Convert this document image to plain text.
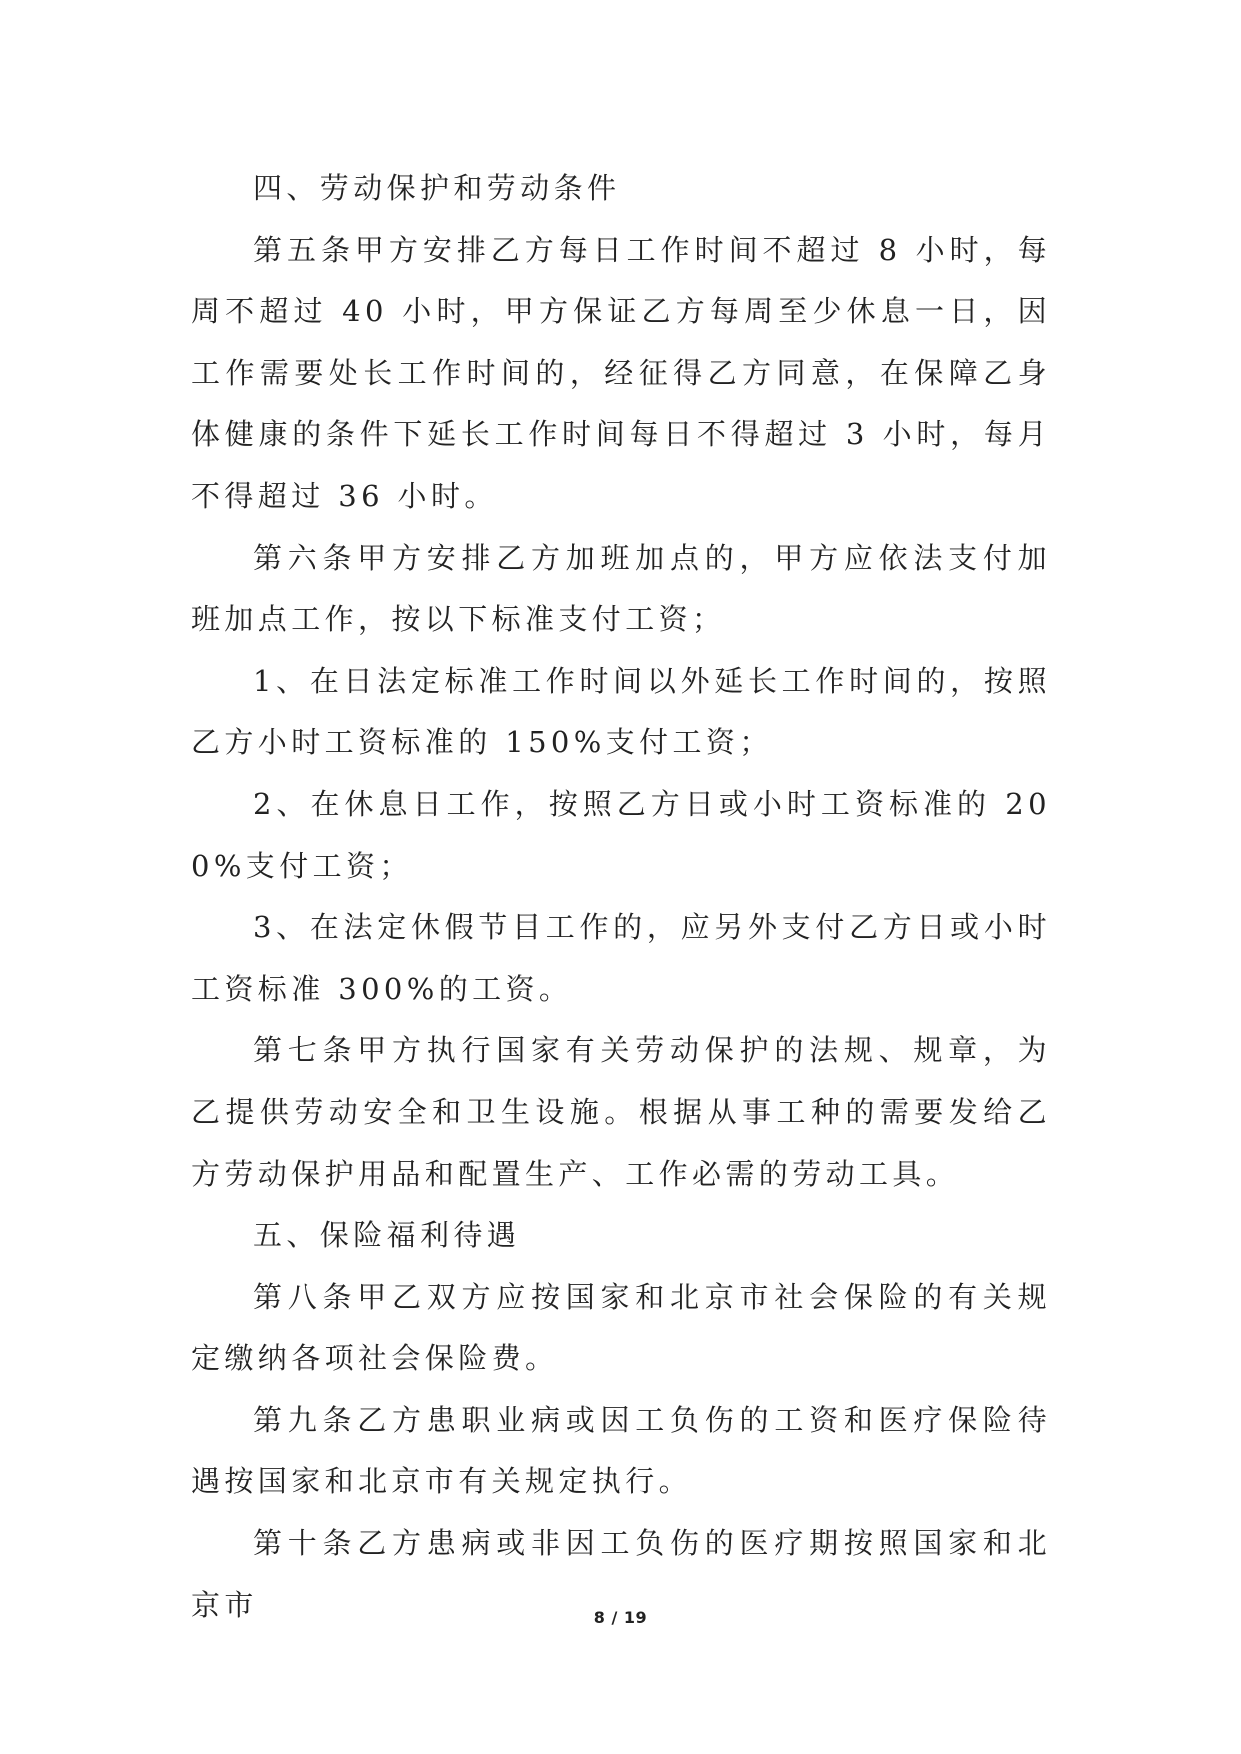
四、劳动保护和劳动条件

第五条甲方安排乙方每日工作时间不超过 8 小时，每周不超过 40 小时，甲方保证乙方每周至少休息一日，因工作需要处长工作时间的，经征得乙方同意，在保障乙身体健康的条件下延长工作时间每日不得超过 3 小时，每月不得超过 36 小时。

第六条甲方安排乙方加班加点的，甲方应依法支付加班加点工作，按以下标准支付工资；

1、在日法定标准工作时间以外延长工作时间的，按照乙方小时工资标准的 150%支付工资；

2、在休息日工作，按照乙方日或小时工资标准的 200%支付工资；

3、在法定休假节目工作的，应另外支付乙方日或小时工资标准 300%的工资。

第七条甲方执行国家有关劳动保护的法规、规章，为乙提供劳动安全和卫生设施。根据从事工种的需要发给乙方劳动保护用品和配置生产、工作必需的劳动工具。

五、保险福利待遇

第八条甲乙双方应按国家和北京市社会保险的有关规定缴纳各项社会保险费。

第九条乙方患职业病或因工负伤的工资和医疗保险待遇按国家和北京市有关规定执行。

第十条乙方患病或非因工负伤的医疗期按照国家和北京市	8 / 19
